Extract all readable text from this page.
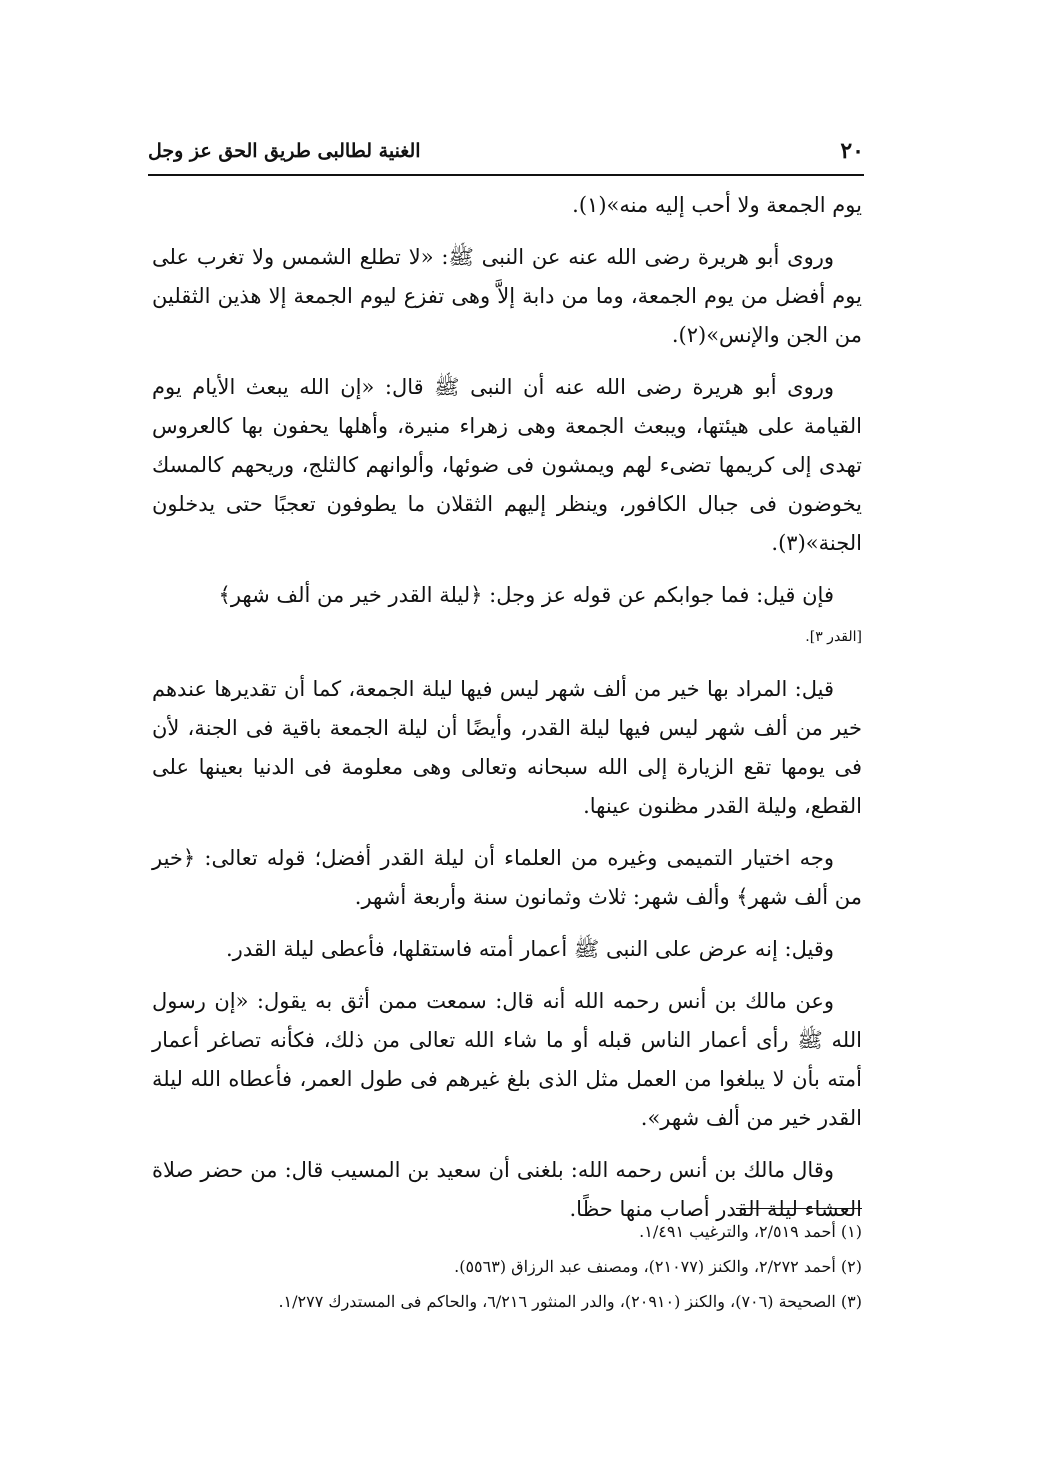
٢٠
الغنية لطالبى طريق الحق عز وجل

يوم الجمعة ولا أحب إليه منه»(١).

وروى أبو هريرة رضى الله عنه عن النبى ﷺ: «لا تطلع الشمس ولا تغرب على يوم أفضل من يوم الجمعة، وما من دابة إلاَّ وهى تفزع ليوم الجمعة إلا هذين الثقلين من الجن والإنس»(٢).

وروى أبو هريرة رضى الله عنه أن النبى ﷺ قال: «إن الله يبعث الأيام يوم القيامة على هيئتها، ويبعث الجمعة وهى زهراء منيرة، وأهلها يحفون بها كالعروس تهدى إلى كريمها تضىء لهم ويمشون فى ضوئها، وألوانهم كالثلج، وريحهم كالمسك يخوضون فى جبال الكافور، وينظر إليهم الثقلان ما يطوفون تعجبًا حتى يدخلون الجنة»(٣).

فإن قيل: فما جوابكم عن قوله عز وجل: ﴿ليلة القدر خير من ألف شهر﴾
[القدر ٣].

قيل: المراد بها خير من ألف شهر ليس فيها ليلة الجمعة، كما أن تقديرها عندهم خير من ألف شهر ليس فيها ليلة القدر، وأيضًا أن ليلة الجمعة باقية فى الجنة، لأن فى يومها تقع الزيارة إلى الله سبحانه وتعالى وهى معلومة فى الدنيا بعينها على القطع، وليلة القدر مظنون عينها.

وجه اختيار التميمى وغيره من العلماء أن ليلة القدر أفضل؛ قوله تعالى: ﴿خير من ألف شهر﴾ وألف شهر: ثلاث وثمانون سنة وأربعة أشهر.

وقيل: إنه عرض على النبى ﷺ أعمار أمته فاستقلها، فأعطى ليلة القدر.

وعن مالك بن أنس رحمه الله أنه قال: سمعت ممن أثق به يقول: «إن رسول الله ﷺ رأى أعمار الناس قبله أو ما شاء الله تعالى من ذلك، فكأنه تصاغر أعمار أمته بأن لا يبلغوا من العمل مثل الذى بلغ غيرهم فى طول العمر، فأعطاه الله ليلة القدر خير من ألف شهر».

وقال مالك بن أنس رحمه الله: بلغنى أن سعيد بن المسيب قال: من حضر صلاة العشاء ليلة القدر أصاب منها حظًا.

(١) أحمد ٢/٥١٩، والترغيب ١/٤٩١.
(٢) أحمد ٢/٢٧٢، والكنز (٢١٠٧٧)، ومصنف عبد الرزاق (٥٥٦٣).
(٣) الصحيحة (٧٠٦)، والكنز (٢٠٩١٠)، والدر المنثور ٦/٢١٦، والحاكم فى المستدرك ١/٢٧٧.
